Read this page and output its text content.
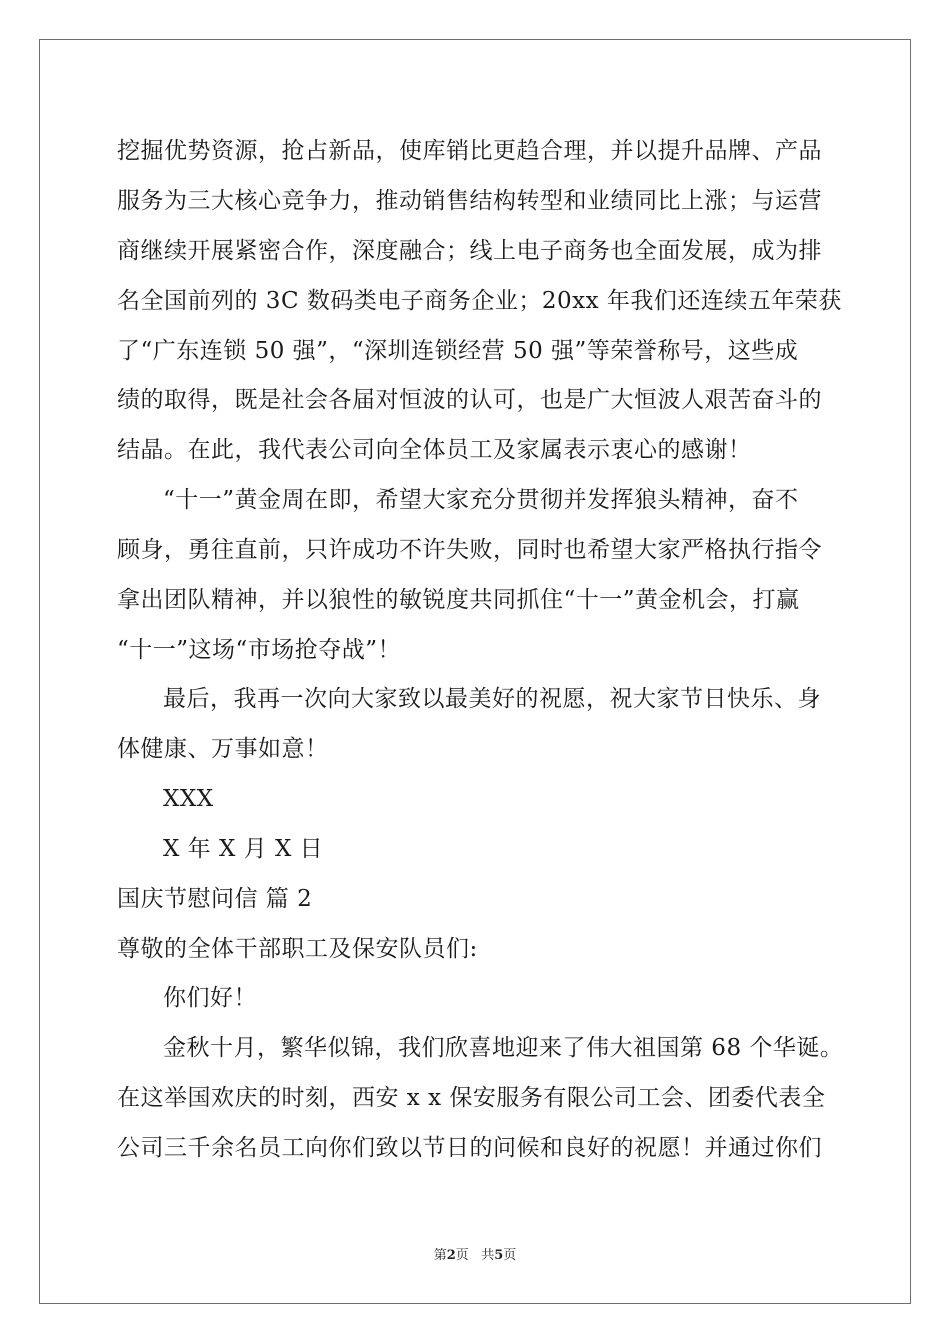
挖掘优势资源，抢占新品，使库销比更趋合理，并以提升品牌、产品
服务为三大核心竞争力，推动销售结构转型和业绩同比上涨；与运营
商继续开展紧密合作，深度融合；线上电子商务也全面发展，成为排
名全国前列的 3C 数码类电子商务企业；20xx 年我们还连续五年荣获
了“广东连锁 50 强”，“深圳连锁经营 50 强”等荣誉称号，这些成
绩的取得，既是社会各届对恒波的认可，也是广大恒波人艰苦奋斗的
结晶。在此，我代表公司向全体员工及家属表示衷心的感谢！
“十一”黄金周在即，希望大家充分贯彻并发挥狼头精神，奋不
顾身，勇往直前，只许成功不许失败，同时也希望大家严格执行指令
拿出团队精神，并以狼性的敏锐度共同抓住“十一”黄金机会，打赢
“十一”这场“市场抢夺战”！
最后，我再一次向大家致以最美好的祝愿，祝大家节日快乐、身
体健康、万事如意！
XXX
X 年 X 月 X 日
国庆节慰问信 篇 2
尊敬的全体干部职工及保安队员们:
你们好！
金秋十月，繁华似锦，我们欣喜地迎来了伟大祖国第 68 个华诞。
在这举国欢庆的时刻，西安 x x 保安服务有限公司工会、团委代表全
公司三千余名员工向你们致以节日的问候和良好的祝愿！并通过你们
第2页 共5页
